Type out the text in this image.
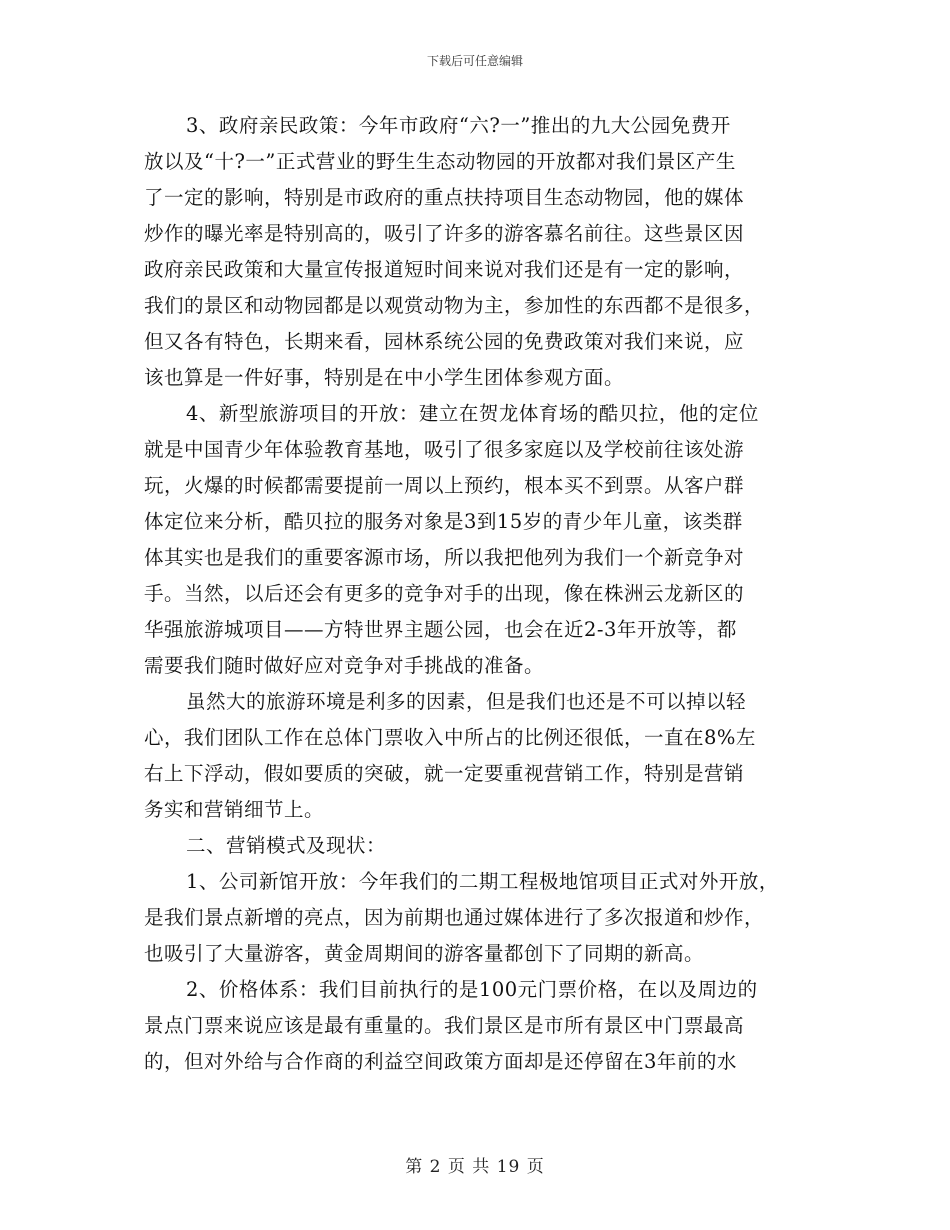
下载后可任意编辑
3、政府亲民政策：今年市政府“六?一”推出的九大公园免费开
放以及“十?一”正式营业的野生生态动物园的开放都对我们景区产生
了一定的影响，特别是市政府的重点扶持项目生态动物园，他的媒体
炒作的曝光率是特别高的，吸引了许多的游客慕名前往。这些景区因
政府亲民政策和大量宣传报道短时间来说对我们还是有一定的影响，
我们的景区和动物园都是以观赏动物为主，参加性的东西都不是很多，
但又各有特色，长期来看，园林系统公园的免费政策对我们来说，应
该也算是一件好事，特别是在中小学生团体参观方面。
4、新型旅游项目的开放：建立在贺龙体育场的酷贝拉，他的定位
就是中国青少年体验教育基地，吸引了很多家庭以及学校前往该处游
玩，火爆的时候都需要提前一周以上预约，根本买不到票。从客户群
体定位来分析，酷贝拉的服务对象是3到15岁的青少年儿童，该类群
体其实也是我们的重要客源市场，所以我把他列为我们一个新竞争对
手。当然，以后还会有更多的竞争对手的出现，像在株洲云龙新区的
华强旅游城项目——方特世界主题公园，也会在近2-3年开放等，都
需要我们随时做好应对竞争对手挑战的准备。
虽然大的旅游环境是利多的因素，但是我们也还是不可以掉以轻
心，我们团队工作在总体门票收入中所占的比例还很低，一直在8%左
右上下浮动，假如要质的突破，就一定要重视营销工作，特别是营销
务实和营销细节上。
二、营销模式及现状：
1、公司新馆开放：今年我们的二期工程极地馆项目正式对外开放，
是我们景点新增的亮点，因为前期也通过媒体进行了多次报道和炒作，
也吸引了大量游客，黄金周期间的游客量都创下了同期的新高。
2、价格体系：我们目前执行的是100元门票价格，在以及周边的
景点门票来说应该是最有重量的。我们景区是市所有景区中门票最高
的，但对外给与合作商的利益空间政策方面却是还停留在3年前的水
第 2 页 共 19 页
